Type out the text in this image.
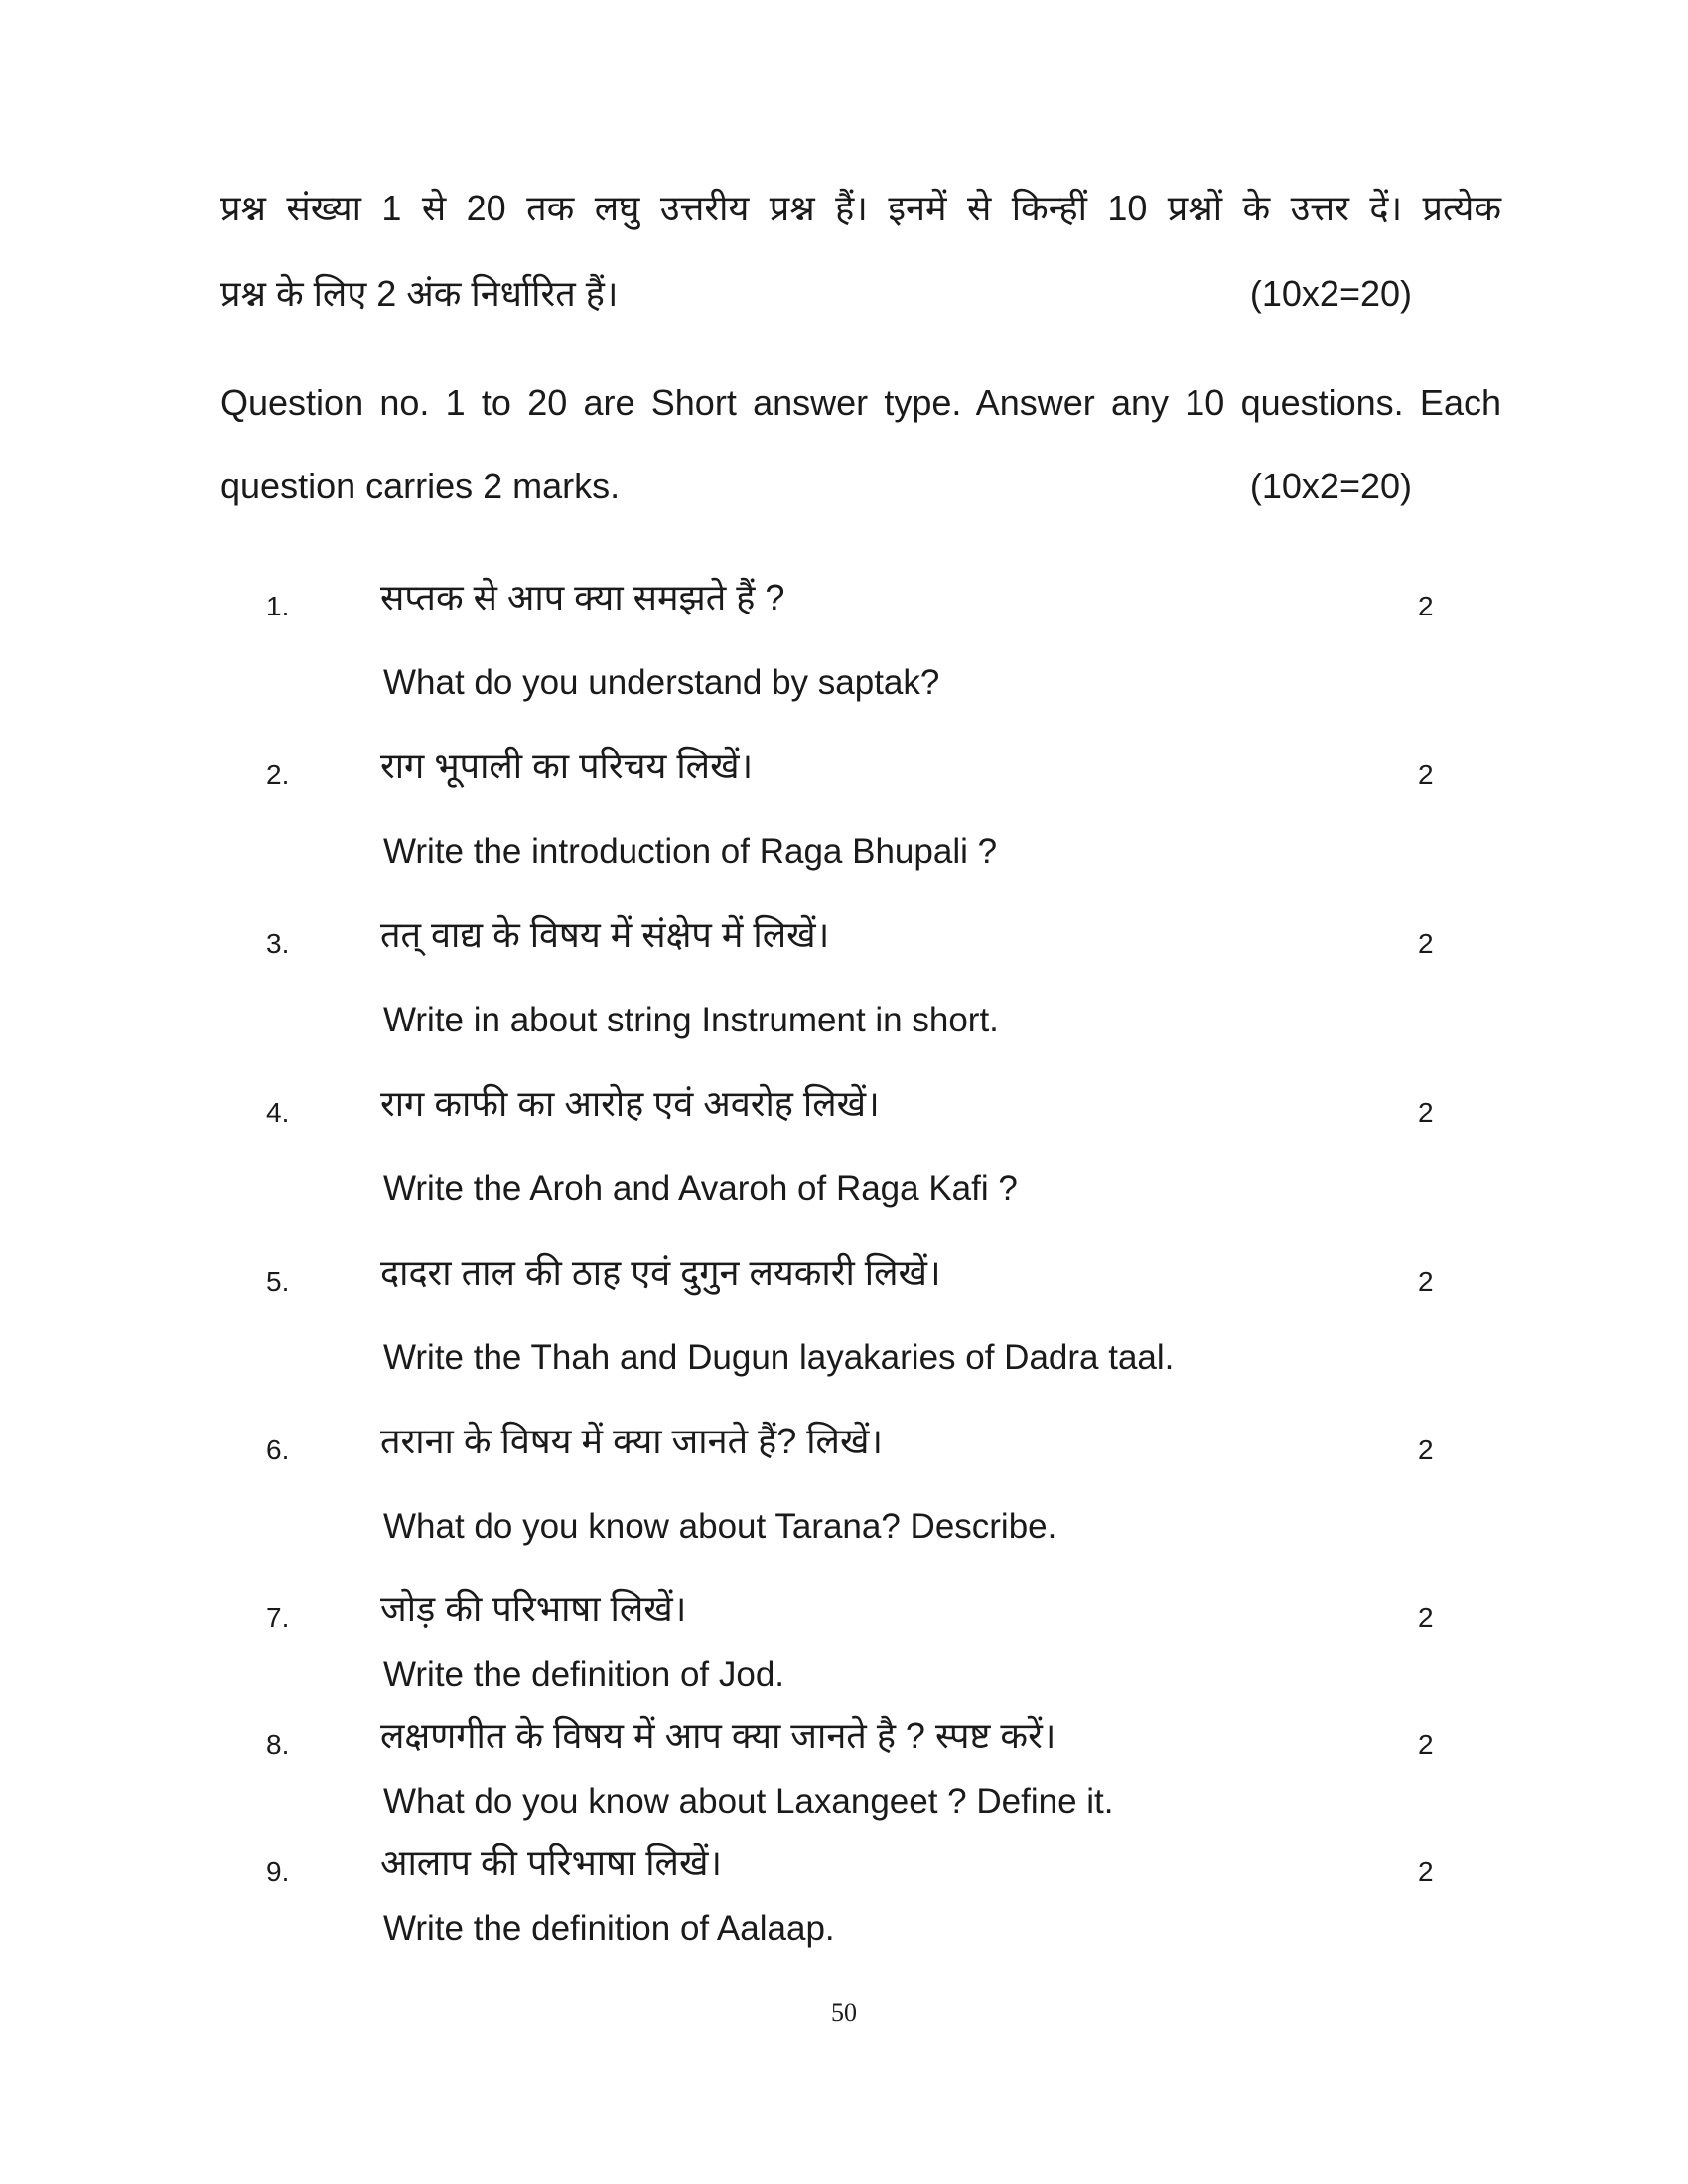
प्रश्न संख्या 1 से 20 तक लघु उत्तरीय प्रश्न हैं। इनमें से किन्हीं 10 प्रश्नों के उत्तर दें। प्रत्येक
प्रश्न के लिए 2 अंक निर्धारित हैं।	(10x2=20)
Question no. 1 to 20 are Short answer type. Answer any 10 questions. Each
question carries 2 marks.	(10x2=20)
1.	सप्तक से आप क्या समझते हैं ?	2
What do you understand by saptak?
2.	राग भूपाली का परिचय लिखें।	2
Write the introduction of Raga Bhupali ?
3.	तत् वाद्य के विषय में संक्षेप में लिखें।	2
Write in about string Instrument in short.
4.	राग काफी का आरोह एवं अवरोह लिखें।	2
Write the Aroh and Avaroh of Raga Kafi ?
5.	दादरा ताल की ठाह एवं दुगुन लयकारी लिखें।	2
Write the Thah and Dugun layakaries of Dadra taal.
6.	तराना के विषय में क्या जानते हैं? लिखें।	2
What do you know about Tarana? Describe.
7.	जोड़ की परिभाषा लिखें।	2
Write the definition of Jod.
8.	लक्षणगीत के विषय में आप क्या जानते है ? स्पष्ट करें।	2
What do you know about Laxangeet ? Define it.
9.	आलाप की परिभाषा लिखें।	2
Write the definition of Aalaap.
50
